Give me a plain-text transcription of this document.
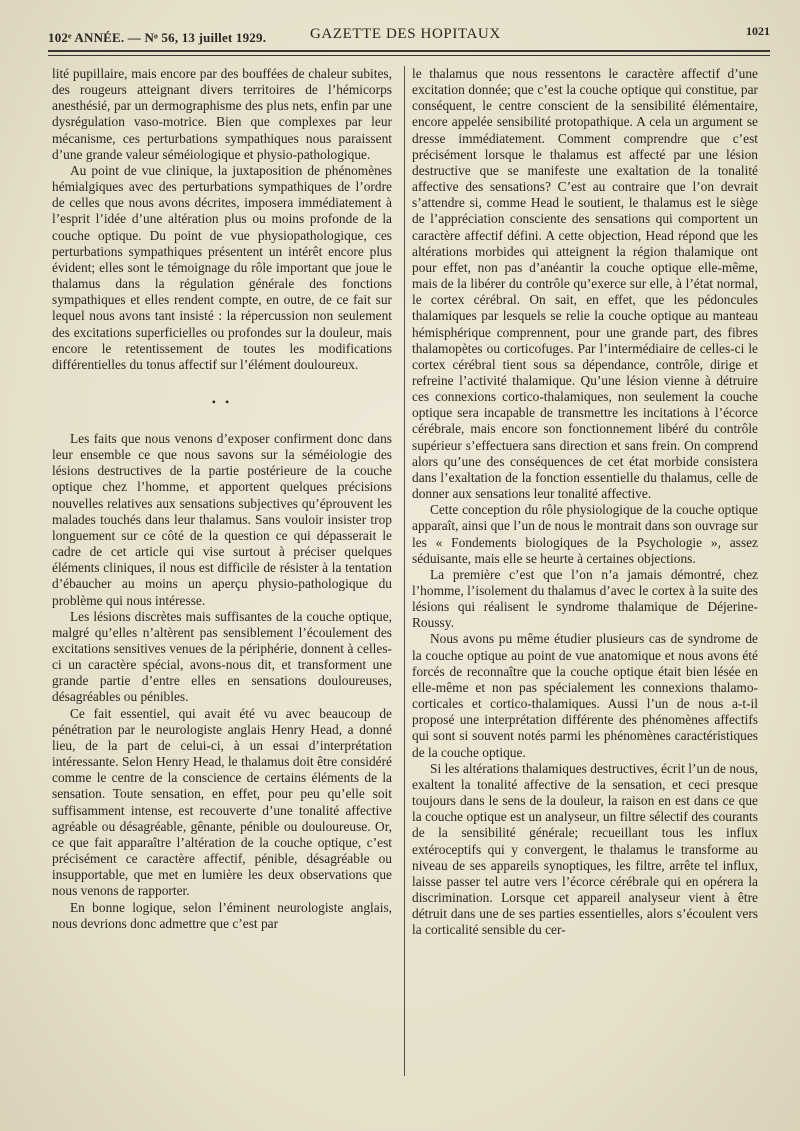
102ᵉ ANNÉE. — Nᵒ 56, 13 juillet 1929.	GAZETTE DES HOPITAUX	1021

lité pupillaire, mais encore par des bouffées de chaleur subites, des rougeurs atteignant divers territoires de l’hémicorps anesthésié, par un dermographisme des plus nets, enfin par une dysrégulation vaso-motrice. Bien que complexes par leur mécanisme, ces perturbations sympathiques nous paraissent d’une grande valeur séméiologique et physio-pathologique.

Au point de vue clinique, la juxtaposition de phénomènes hémialgiques avec des perturbations sympathiques de l’ordre de celles que nous avons décrites, imposera immédiatement à l’esprit l’idée d’une altération plus ou moins profonde de la couche optique. Du point de vue physiopathologique, ces perturbations sympathiques présentent un intérêt encore plus évident; elles sont le témoignage du rôle important que joue le thalamus dans la régulation générale des fonctions sympathiques et elles rendent compte, en outre, de ce fait sur lequel nous avons tant insisté : la répercussion non seulement des excitations superficielles ou profondes sur la douleur, mais encore le retentissement de toutes les modifications différentielles du tonus affectif sur l’élément douloureux.

• •

Les faits que nous venons d’exposer confirment donc dans leur ensemble ce que nous savons sur la séméiologie des lésions destructives de la partie postérieure de la couche optique chez l’homme, et apportent quelques précisions nouvelles relatives aux sensations subjectives qu’éprouvent les malades touchés dans leur thalamus. Sans vouloir insister trop longuement sur ce côté de la question ce qui dépasserait le cadre de cet article qui vise surtout à préciser quelques éléments cliniques, il nous est difficile de résister à la tentation d’ébaucher au moins un aperçu physio-pathologique du problème qui nous intéresse.

Les lésions discrètes mais suffisantes de la couche optique, malgré qu’elles n’altèrent pas sensiblement l’écoulement des excitations sensitives venues de la périphérie, donnent à celles-ci un caractère spécial, avons-nous dit, et transforment une grande partie d’entre elles en sensations douloureuses, désagréables ou pénibles.

Ce fait essentiel, qui avait été vu avec beaucoup de pénétration par le neurologiste anglais Henry Head, a donné lieu, de la part de celui-ci, à un essai d’interprétation intéressante. Selon Henry Head, le thalamus doit être considéré comme le centre de la conscience de certains éléments de la sensation. Toute sensation, en effet, pour peu qu’elle soit suffisamment intense, est recouverte d’une tonalité affective agréable ou désagréable, gênante, pénible ou douloureuse. Or, ce que fait apparaître l’altération de la couche optique, c’est précisément ce caractère affectif, pénible, désagréable ou insupportable, que met en lumière les deux observations que nous venons de rapporter.

En bonne logique, selon l’éminent neurologiste anglais, nous devrions donc admettre que c’est par

le thalamus que nous ressentons le caractère affectif d’une excitation donnée; que c’est la couche optique qui constitue, par conséquent, le centre conscient de la sensibilité élémentaire, encore appelée sensibilité protopathique. A cela un argument se dresse immédiatement. Comment comprendre que c’est précisément lorsque le thalamus est affecté par une lésion destructive que se manifeste une exaltation de la tonalité affective des sensations? C’est au contraire que l’on devrait s’attendre si, comme Head le soutient, le thalamus est le siège de l’appréciation consciente des sensations qui comportent un caractère affectif défini. A cette objection, Head répond que les altérations morbides qui atteignent la région thalamique ont pour effet, non pas d’anéantir la couche optique elle-même, mais de la libérer du contrôle qu’exerce sur elle, à l’état normal, le cortex cérébral. On sait, en effet, que les pédoncules thalamiques par lesquels se relie la couche optique au manteau hémisphérique comprennent, pour une grande part, des fibres thalamopètes ou corticofuges. Par l’intermédiaire de celles-ci le cortex cérébral tient sous sa dépendance, contrôle, dirige et refreine l’activité thalamique. Qu’une lésion vienne à détruire ces connexions cortico-thalamiques, non seulement la couche optique sera incapable de transmettre les incitations à l’écorce cérébrale, mais encore son fonctionnement libéré du contrôle supérieur s’effectuera sans direction et sans frein. On comprend alors qu’une des conséquences de cet état morbide consistera dans l’exaltation de la fonction essentielle du thalamus, celle de donner aux sensations leur tonalité affective.

Cette conception du rôle physiologique de la couche optique apparaît, ainsi que l’un de nous le montrait dans son ouvrage sur les « Fondements biologiques de la Psychologie », assez séduisante, mais elle se heurte à certaines objections.

La première c’est que l’on n’a jamais démontré, chez l’homme, l’isolement du thalamus d’avec le cortex à la suite des lésions qui réalisent le syndrome thalamique de Déjerine-Roussy.

Nous avons pu même étudier plusieurs cas de syndrome de la couche optique au point de vue anatomique et nous avons été forcés de reconnaître que la couche optique était bien lésée en elle-même et non pas spécialement les connexions thalamo-corticales et cortico-thalamiques. Aussi l’un de nous a-t-il proposé une interprétation différente des phénomènes affectifs qui sont si souvent notés parmi les phénomènes caractéristiques de la couche optique.

Si les altérations thalamiques destructives, écrit l’un de nous, exaltent la tonalité affective de la sensation, et ceci presque toujours dans le sens de la douleur, la raison en est dans ce que la couche optique est un analyseur, un filtre sélectif des courants de la sensibilité générale; recueillant tous les influx extéroceptifs qui y convergent, le thalamus le transforme au niveau de ses appareils synoptiques, les filtre, arrête tel influx, laisse passer tel autre vers l’écorce cérébrale qui en opérera la discrimination. Lorsque cet appareil analyseur vient à être détruit dans une de ses parties essentielles, alors s’écoulent vers la corticalité sensible du cer-
